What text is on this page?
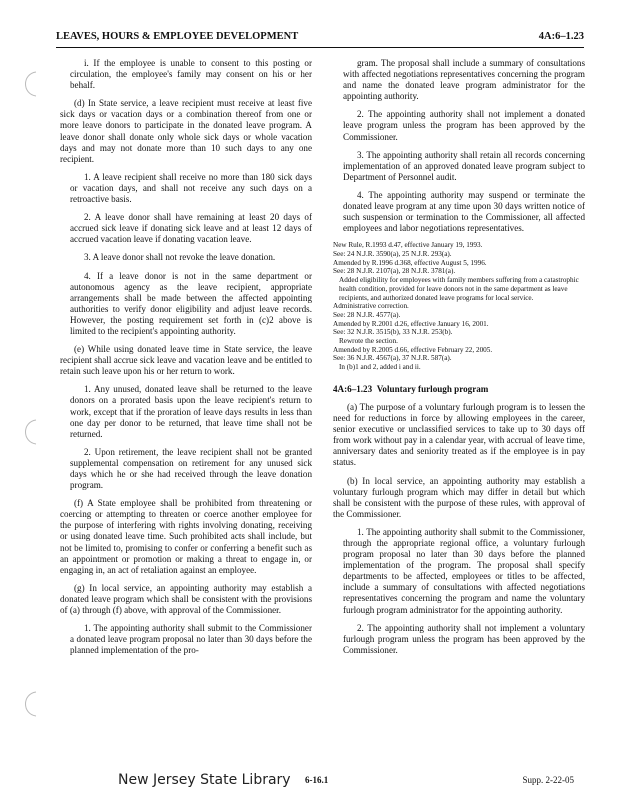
LEAVES, HOURS & EMPLOYEE DEVELOPMENT	4A:6–1.23

i. If the employee is unable to consent to this posting or circulation, the employee's family may consent on his or her behalf.

(d) In State service, a leave recipient must receive at least five sick days or vacation days or a combination thereof from one or more leave donors to participate in the donated leave program. A leave donor shall donate only whole sick days or whole vacation days and may not donate more than 10 such days to any one recipient.

1. A leave recipient shall receive no more than 180 sick days or vacation days, and shall not receive any such days on a retroactive basis.

2. A leave donor shall have remaining at least 20 days of accrued sick leave if donating sick leave and at least 12 days of accrued vacation leave if donating vacation leave.

3. A leave donor shall not revoke the leave donation.

4. If a leave donor is not in the same department or autonomous agency as the leave recipient, appropriate arrangements shall be made between the affected appointing authorities to verify donor eligibility and adjust leave records. However, the posting requirement set forth in (c)2 above is limited to the recipient's appointing authority.

(e) While using donated leave time in State service, the leave recipient shall accrue sick leave and vacation leave and be entitled to retain such leave upon his or her return to work.

1. Any unused, donated leave shall be returned to the leave donors on a prorated basis upon the leave recipient's return to work, except that if the proration of leave days results in less than one day per donor to be returned, that leave time shall not be returned.

2. Upon retirement, the leave recipient shall not be granted supplemental compensation on retirement for any unused sick days which he or she had received through the leave donation program.

(f) A State employee shall be prohibited from threatening or coercing or attempting to threaten or coerce another employee for the purpose of interfering with rights involving donating, receiving or using donated leave time. Such prohibited acts shall include, but not be limited to, promising to confer or conferring a benefit such as an appointment or promotion or making a threat to engage in, or engaging in, an act of retaliation against an employee.

(g) In local service, an appointing authority may establish a donated leave program which shall be consistent with the provisions of (a) through (f) above, with approval of the Commissioner.

1. The appointing authority shall submit to the Commissioner a donated leave program proposal no later than 30 days before the planned implementation of the pro-

gram. The proposal shall include a summary of consultations with affected negotiations representatives concerning the program and name the donated leave program administrator for the appointing authority.

2. The appointing authority shall not implement a donated leave program unless the program has been approved by the Commissioner.

3. The appointing authority shall retain all records concerning implementation of an approved donated leave program subject to Department of Personnel audit.

4. The appointing authority may suspend or terminate the donated leave program at any time upon 30 days written notice of such suspension or termination to the Commissioner, all affected employees and labor negotiations representatives.

New Rule, R.1993 d.47, effective January 19, 1993.
See: 24 N.J.R. 3590(a), 25 N.J.R. 293(a).
Amended by R.1996 d.368, effective August 5, 1996.
See: 28 N.J.R. 2107(a), 28 N.J.R. 3781(a).
Added eligibility for employees with family members suffering from a catastrophic health condition, provided for leave donors not in the same department as leave recipients, and authorized donated leave programs for local service.
Administrative correction.
See: 28 N.J.R. 4577(a).
Amended by R.2001 d.26, effective January 16, 2001.
See: 32 N.J.R. 3515(b), 33 N.J.R. 253(b).
Rewrote the section.
Amended by R.2005 d.66, effective February 22, 2005.
See: 36 N.J.R. 4567(a), 37 N.J.R. 587(a).
In (b)1 and 2, added i and ii.

4A:6–1.23 Voluntary furlough program

(a) The purpose of a voluntary furlough program is to lessen the need for reductions in force by allowing employees in the career, senior executive or unclassified services to take up to 30 days off from work without pay in a calendar year, with accrual of leave time, anniversary dates and seniority treated as if the employee is in pay status.

(b) In local service, an appointing authority may establish a voluntary furlough program which may differ in detail but which shall be consistent with the purpose of these rules, with approval of the Commissioner.

1. The appointing authority shall submit to the Commissioner, through the appropriate regional office, a voluntary furlough program proposal no later than 30 days before the planned implementation of the program. The proposal shall specify departments to be affected, employees or titles to be affected, include a summary of consultations with affected negotiations representatives concerning the program and name the voluntary furlough program administrator for the appointing authority.

2. The appointing authority shall not implement a voluntary furlough program unless the program has been approved by the Commissioner.

New Jersey State Library 6-16.1	Supp. 2-22-05
